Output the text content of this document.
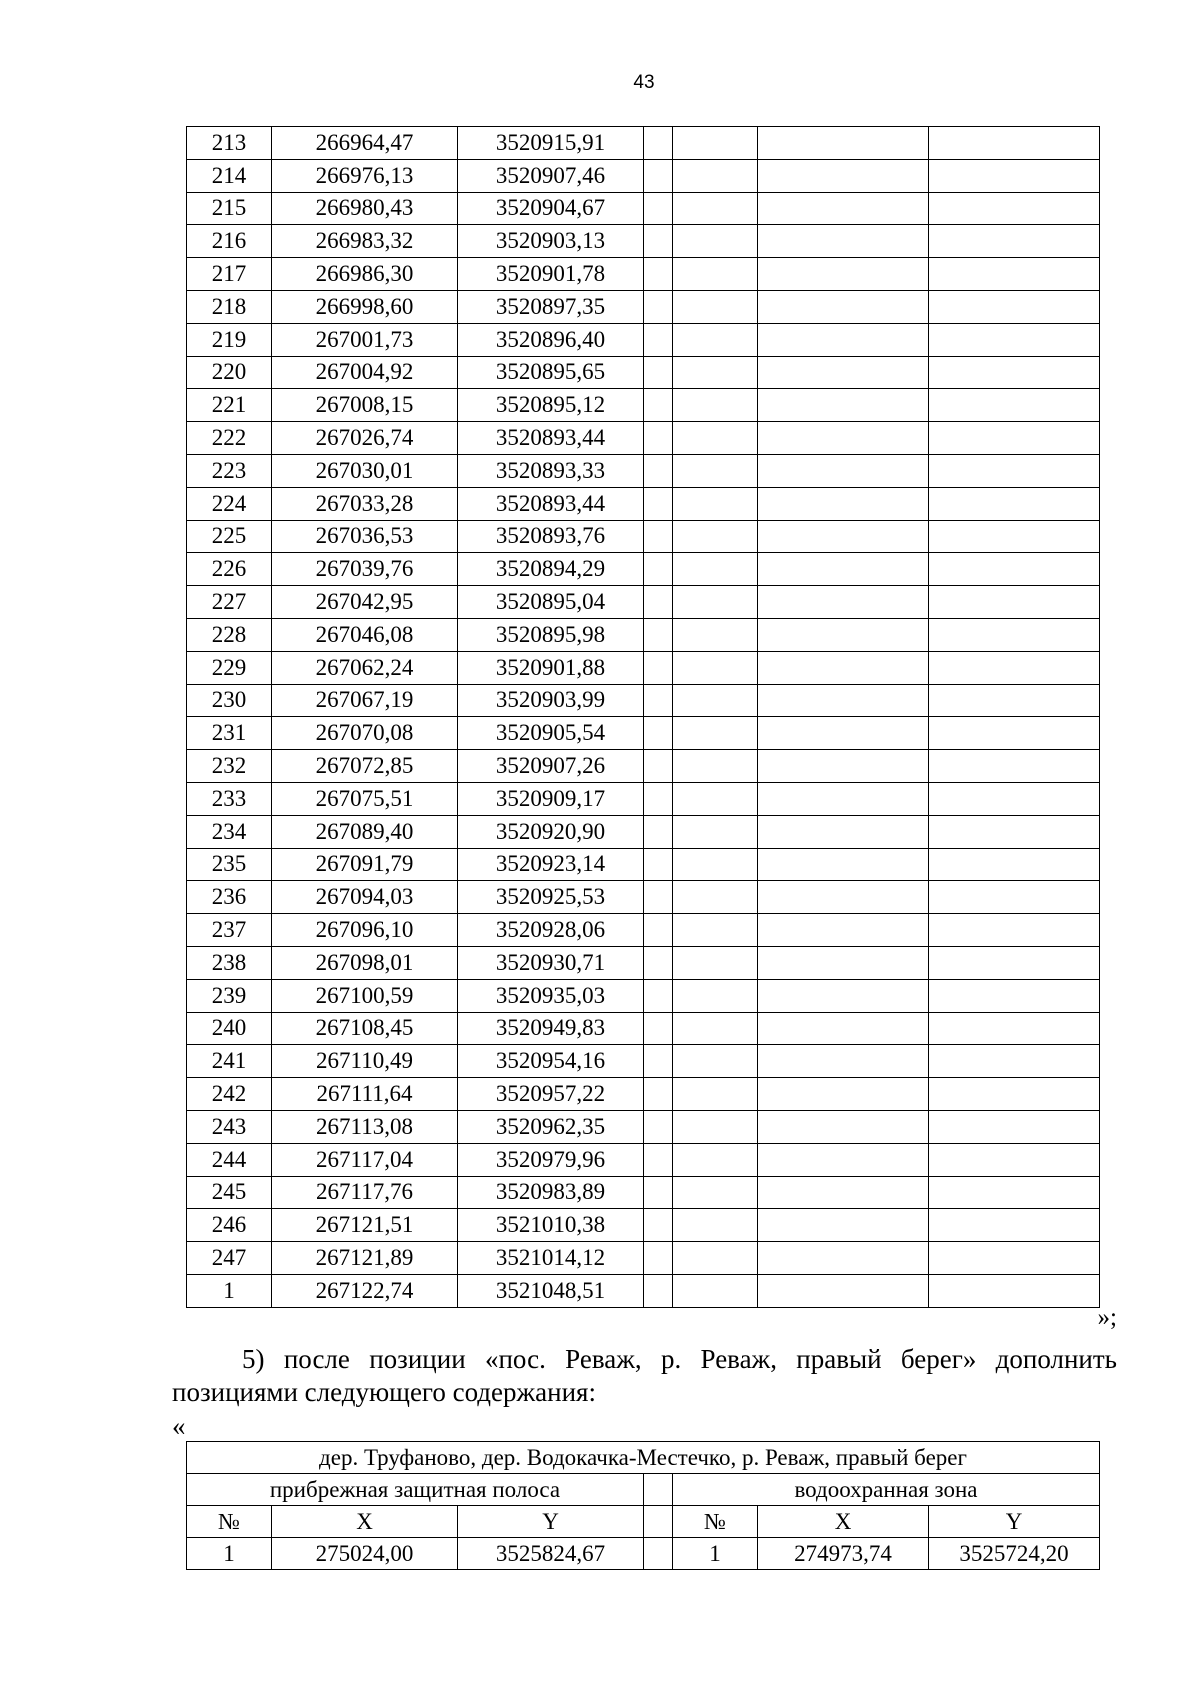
43
213	266964,47	3520915,91				
214	266976,13	3520907,46				
215	266980,43	3520904,67				
216	266983,32	3520903,13				
217	266986,30	3520901,78				
218	266998,60	3520897,35				
219	267001,73	3520896,40				
220	267004,92	3520895,65				
221	267008,15	3520895,12				
222	267026,74	3520893,44				
223	267030,01	3520893,33				
224	267033,28	3520893,44				
225	267036,53	3520893,76				
226	267039,76	3520894,29				
227	267042,95	3520895,04				
228	267046,08	3520895,98				
229	267062,24	3520901,88				
230	267067,19	3520903,99				
231	267070,08	3520905,54				
232	267072,85	3520907,26				
233	267075,51	3520909,17				
234	267089,40	3520920,90				
235	267091,79	3520923,14				
236	267094,03	3520925,53				
237	267096,10	3520928,06				
238	267098,01	3520930,71				
239	267100,59	3520935,03				
240	267108,45	3520949,83				
241	267110,49	3520954,16				
242	267111,64	3520957,22				
243	267113,08	3520962,35				
244	267117,04	3520979,96				
245	267117,76	3520983,89				
246	267121,51	3521010,38				
247	267121,89	3521014,12				
1	267122,74	3521048,51				
»;

5) после позиции «пос. Реваж, р. Реваж, правый берег» дополнить позициями следующего содержания:

«
дер. Труфаново, дер. Водокачка-Местечко, р. Реваж, правый берег						
прибрежная защитная полоса				водоохранная зона		
№	X	Y		№	X	Y
1	275024,00	3525824,67		1	274973,74	3525724,20
